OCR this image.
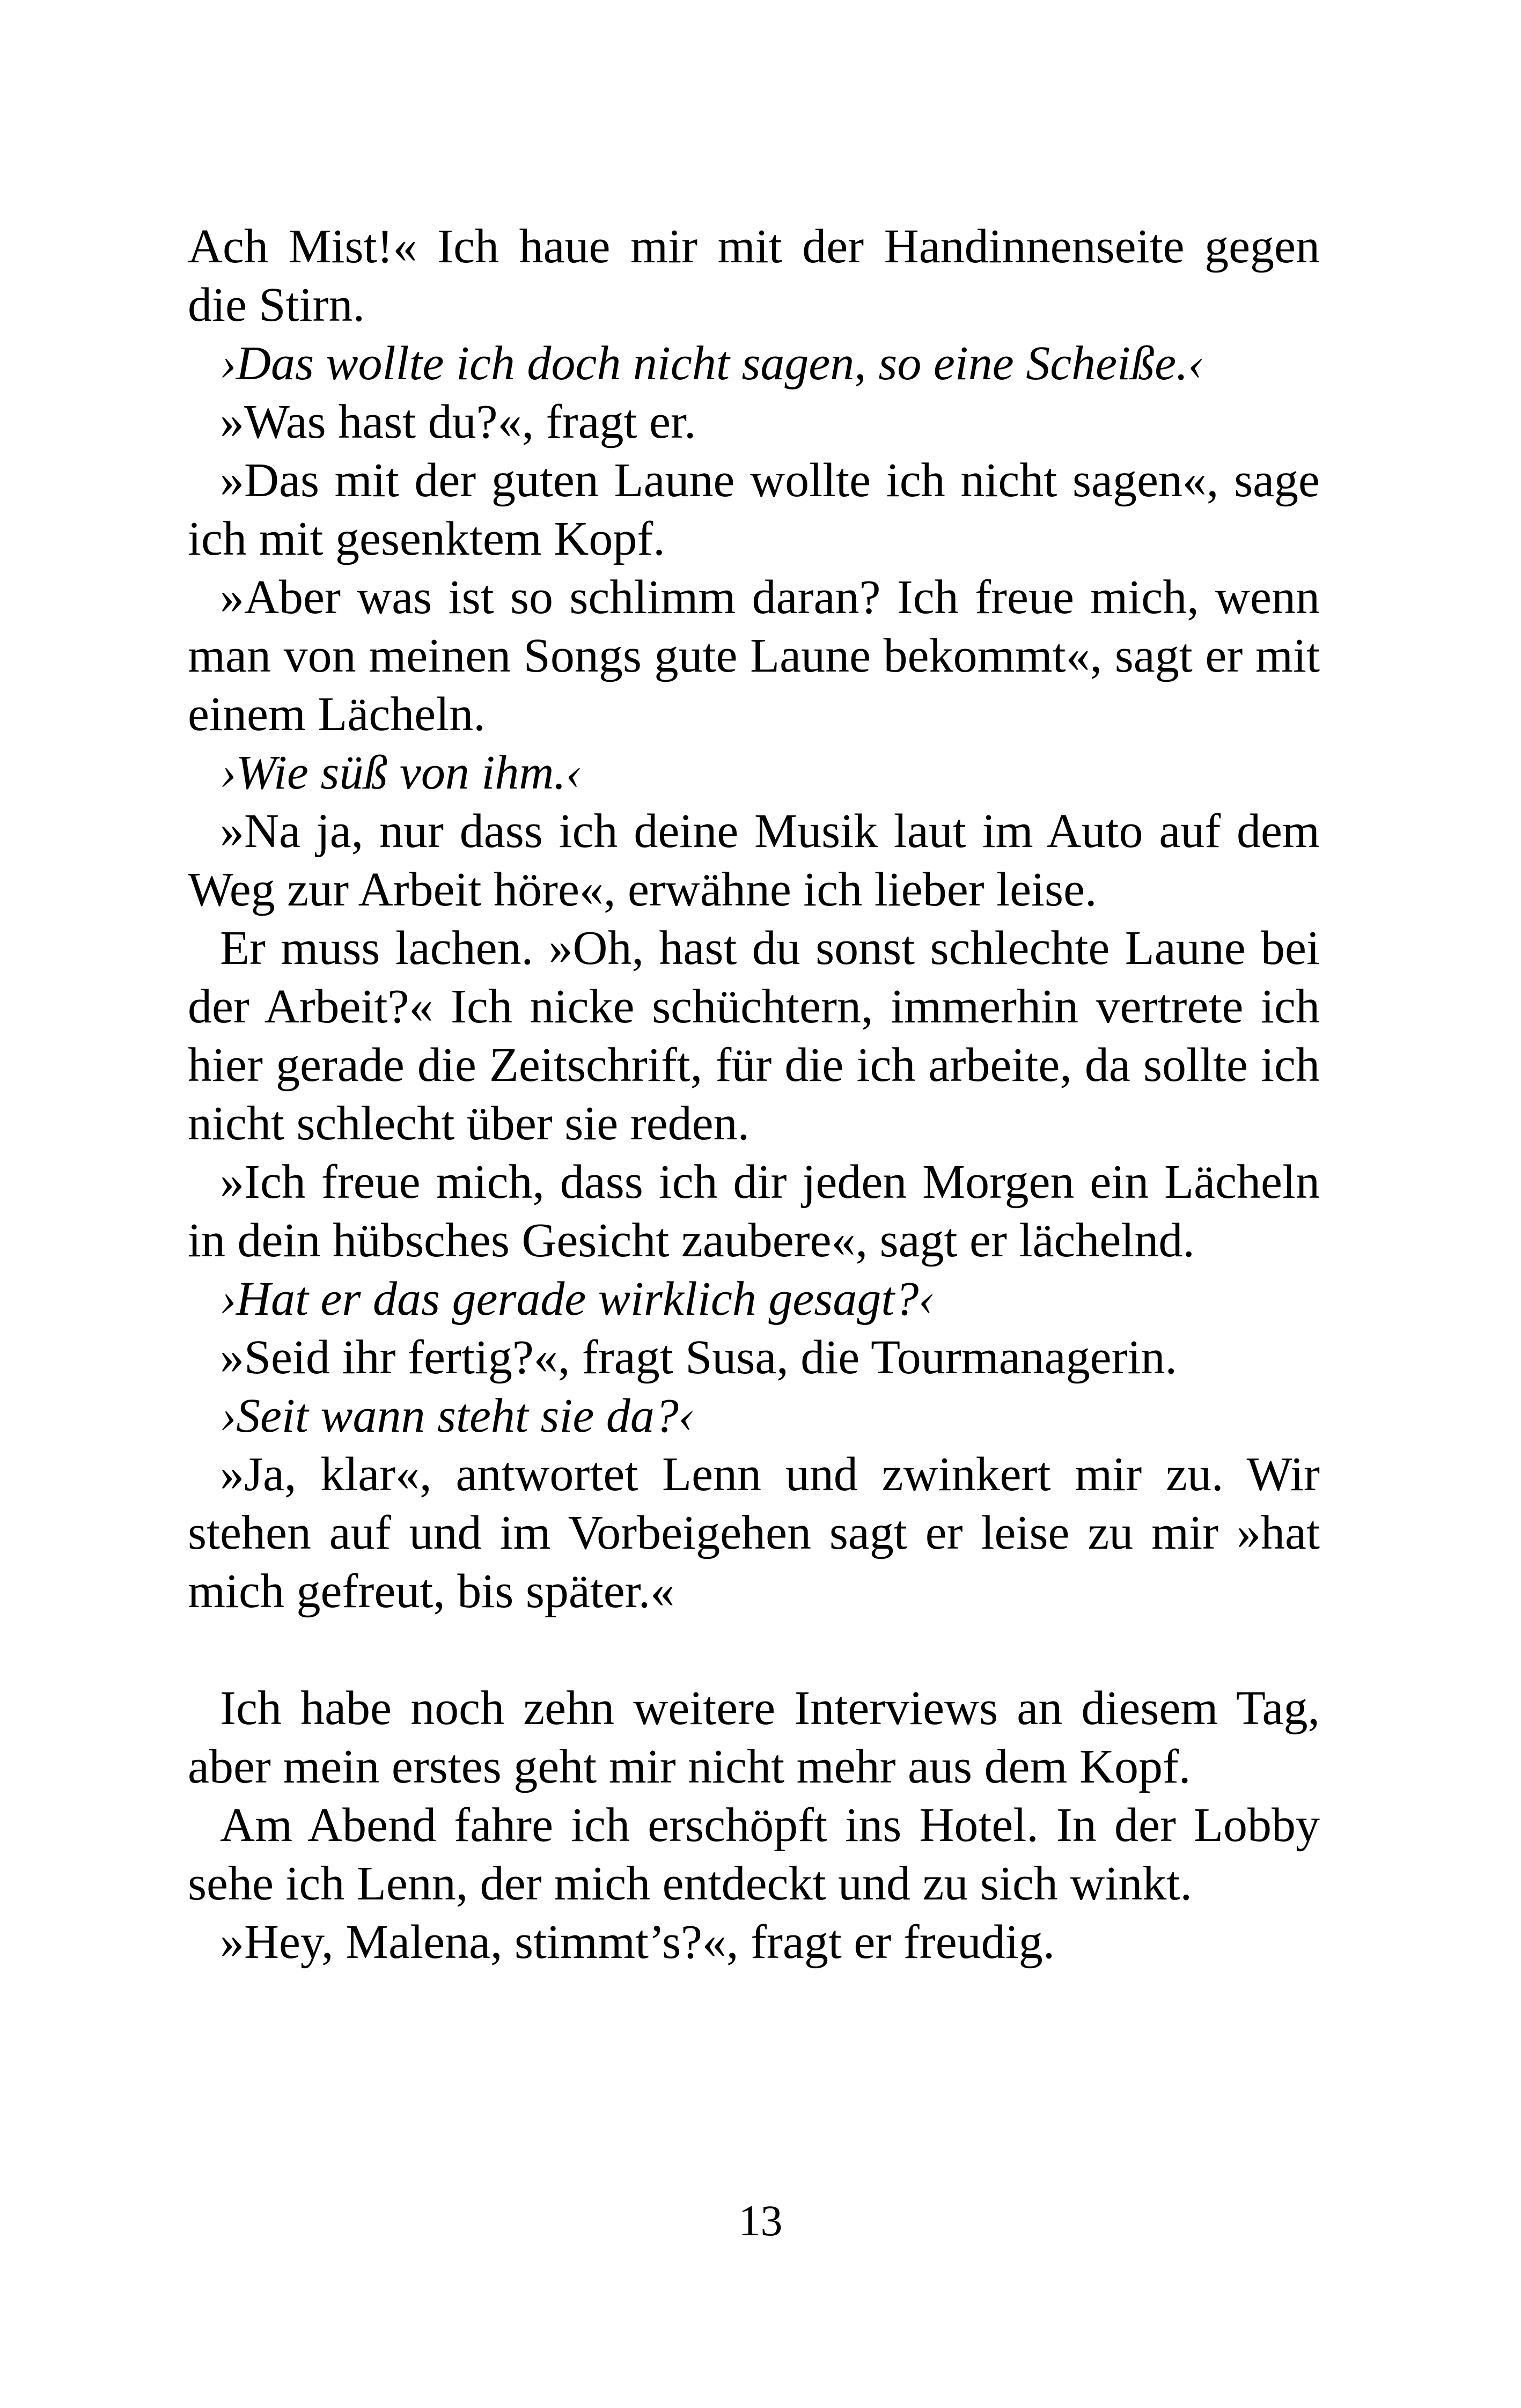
Ach Mist!« Ich haue mir mit der Handinnenseite gegen die Stirn.

›Das wollte ich doch nicht sagen, so eine Scheiße.‹

»Was hast du?«, fragt er.

»Das mit der guten Laune wollte ich nicht sagen«, sage ich mit gesenktem Kopf.

»Aber was ist so schlimm daran? Ich freue mich, wenn man von meinen Songs gute Laune bekommt«, sagt er mit einem Lächeln.

›Wie süß von ihm.‹

»Na ja, nur dass ich deine Musik laut im Auto auf dem Weg zur Arbeit höre«, erwähne ich lieber leise.

Er muss lachen. »Oh, hast du sonst schlechte Laune bei der Arbeit?« Ich nicke schüchtern, immerhin vertrete ich hier gerade die Zeitschrift, für die ich arbeite, da sollte ich nicht schlecht über sie reden.

»Ich freue mich, dass ich dir jeden Morgen ein Lächeln in dein hübsches Gesicht zaubere«, sagt er lächelnd.

›Hat er das gerade wirklich gesagt?‹

»Seid ihr fertig?«, fragt Susa, die Tourmanagerin.

›Seit wann steht sie da?‹

»Ja, klar«, antwortet Lenn und zwinkert mir zu. Wir stehen auf und im Vorbeigehen sagt er leise zu mir »hat mich gefreut, bis später.«

Ich habe noch zehn weitere Interviews an diesem Tag, aber mein erstes geht mir nicht mehr aus dem Kopf.

Am Abend fahre ich erschöpft ins Hotel. In der Lobby sehe ich Lenn, der mich entdeckt und zu sich winkt.

»Hey, Malena, stimmt’s?«, fragt er freudig.

13
